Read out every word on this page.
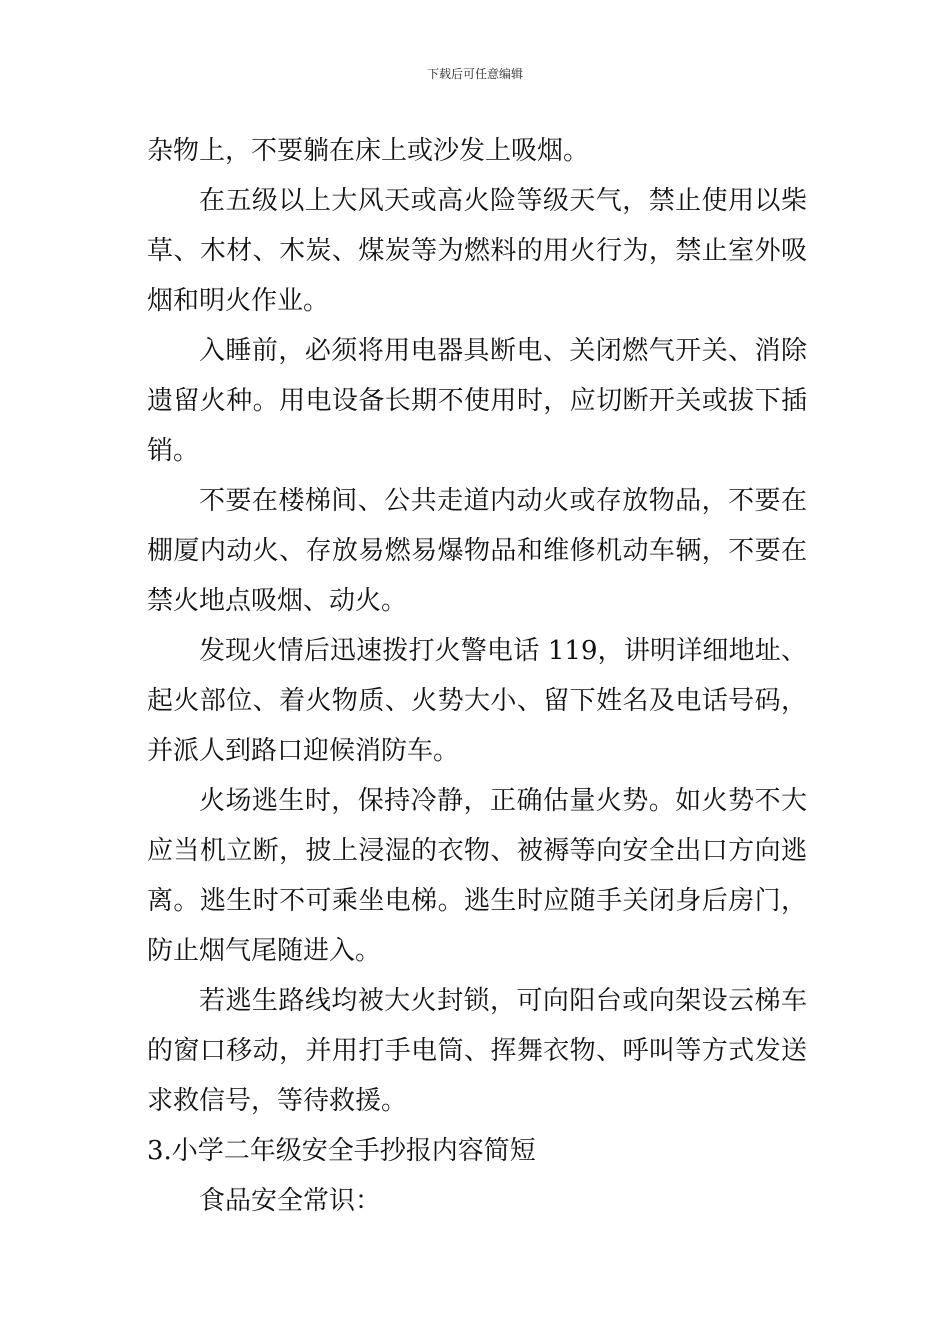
下载后可任意编辑

杂物上，不要躺在床上或沙发上吸烟。

在五级以上大风天或高火险等级天气，禁止使用以柴草、木材、木炭、煤炭等为燃料的用火行为，禁止室外吸烟和明火作业。

入睡前，必须将用电器具断电、关闭燃气开关、消除遗留火种。用电设备长期不使用时，应切断开关或拔下插销。

不要在楼梯间、公共走道内动火或存放物品，不要在棚厦内动火、存放易燃易爆物品和维修机动车辆，不要在禁火地点吸烟、动火。

发现火情后迅速拨打火警电话 119，讲明详细地址、起火部位、着火物质、火势大小、留下姓名及电话号码，并派人到路口迎候消防车。

火场逃生时，保持冷静，正确估量火势。如火势不大应当机立断，披上浸湿的衣物、被褥等向安全出口方向逃离。逃生时不可乘坐电梯。逃生时应随手关闭身后房门，防止烟气尾随进入。

若逃生路线均被大火封锁，可向阳台或向架设云梯车的窗口移动，并用打手电筒、挥舞衣物、呼叫等方式发送求救信号，等待救援。

3.小学二年级安全手抄报内容简短

食品安全常识：
